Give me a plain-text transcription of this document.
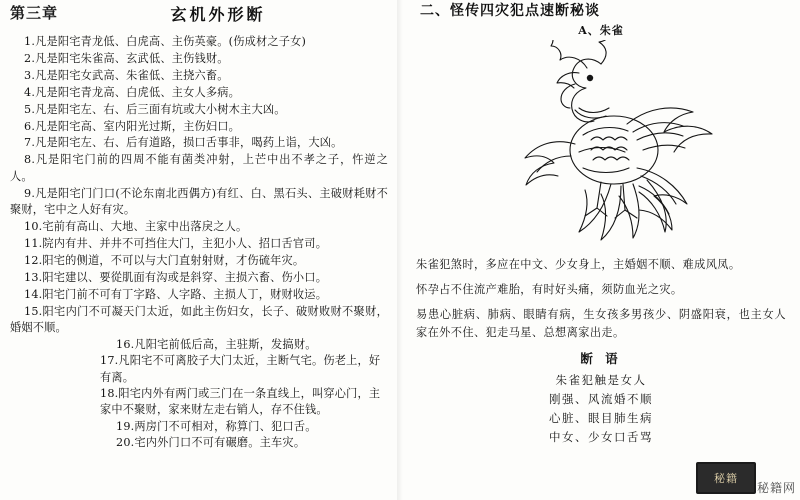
第三章	玄机外形断

1.凡是阳宅青龙低、白虎高、主伤英豪。(伤成材之子女)

2.凡是阳宅朱雀高、玄武低、主伤钱财。

3.凡是阳宅女武高、朱雀低、主挠六畜。

4.凡是阳宅青龙高、白虎低、主女人多病。

5.凡是阳宅左、右、后三面有坑或大小树木主大凶。

6.凡是阳宅高、室内阳光过斯，主伤妇口。

7.凡是阳宅左、右、后有道路，损口舌事非，喝药上诣，大凶。

8.凡是阳宅门前的四周不能有菌类冲射，上芒中出不孝之子，忤逆之人。

9.凡是阳宅门门口(不论东南北西偶方)有红、白、黑石头、主破财耗财不聚财，宅中之人好有灾。

10.宅前有高山、大地、主家中出落戾之人。

11.院内有井、并井不可挡住大门，主犯小人、招口舌官司。

12.阳宅的侧道，不可以与大门直射射财，才伤硫年灾。

13.阳宅建以、要從肌面有沟或是斜穿、主损六畜、伤小口。

14.阳宅门前不可有丁字路、人字路、主损人丁，财财收运。

15.阳宅内门不可凝天门太近，如此主伤妇女，长子、破财败财不聚财，婚姻不顺。

16.凡阳宅前低后高，主驻斯，发搞财。

17.凡阳宅不可离胶子大门太近，主断气宅。伤老上，好有离。

18.阳宅内外有两门或三门在一条直线上，叫穿心门，主家中不聚财，家来财左走右销人，存不住钱。

19.两房门不可相对，称算门、犯口舌。

20.宅内外门口不可有碾磨。主车灾。

二、怪传四灾犯点速断秘谈
A、朱雀

朱雀犯煞时，多应在中文、少女身上，主婚姻不顺、难成风凤。

怀孕占不住流产难胎，有时好头痛，须防血光之灾。

易患心脏病、肺病、眼睛有病，生女孩多男孩少、阴盛阳衰，也主女人家在外不住、犯走马星、总想离家出走。

断 语
朱雀犯触是女人
刚强、风流婚不顺
心脏、眼目肺生病
中女、少女口舌骂
秘籍
秘籍网
